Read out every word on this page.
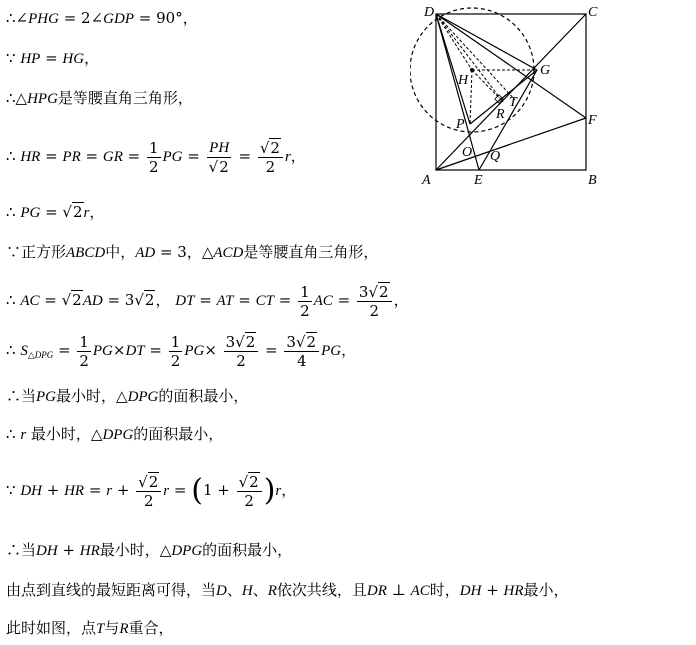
∴∠PHG = 2∠GDP = 90°，
∵ HP = HG，
∴△HPG是等腰直角三角形，
∴ HR = PR = GR = $\frac{1}{2}$ PG = $\frac{PH}{√2} = \frac{√2}{2}$ r，
∴ PG = √2r，
∵正方形ABCD中，AD = 3，△ACD是等腰直角三角形，
∴ AC = √2AD = 3√2， DT = AT = CT = $\frac{1}{2}$ AC = $\frac{3√2}{2}$ ，
∴ $S_{\triangle DPG} = \frac{1}{2} PG\times DT = \frac{1}{2} PG\times \frac{3√2}{2} = \frac{3√2}{4}$ PG，
∴当PG最小时，△DPG的面积最小，
∴ r 最小时，△DPG的面积最小，
∵ DH + HR = $r + \frac{√2}{2}$ $r = (1 + \frac{√2}{2} )r$，
∴当DH + HR最小时，△DPG的面积最小，
由点到直线的最短距离可得，当D、H、R依次共线，且DR ⊥ AC时，DH + HR最小，
此时如图，点T与R重合，
D	C
A	B
G
H
P
T
R
O Q
E
F
